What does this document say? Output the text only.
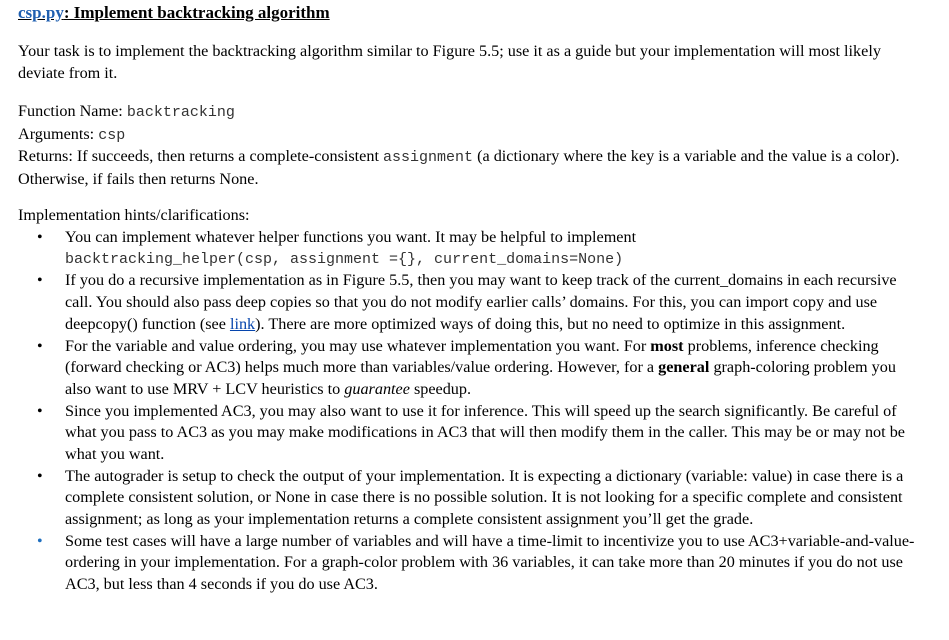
csp.py: Implement backtracking algorithm
Your task is to implement the backtracking algorithm similar to Figure 5.5; use it as a guide but your implementation will most likely deviate from it.
Function Name: backtracking
Arguments: csp
Returns: If succeeds, then returns a complete-consistent assignment (a dictionary where the key is a variable and the value is a color). Otherwise, if fails then returns None.
Implementation hints/clarifications:
• You can implement whatever helper functions you want. It may be helpful to implement
backtracking_helper(csp, assignment ={}, current_domains=None)
• If you do a recursive implementation as in Figure 5.5, then you may want to keep track of the current_domains in each recursive call. You should also pass deep copies so that you do not modify earlier calls’ domains. For this, you can import copy and use deepcopy() function (see link). There are more optimized ways of doing this, but no need to optimize in this assignment.
• For the variable and value ordering, you may use whatever implementation you want. For most problems, inference checking (forward checking or AC3) helps much more than variables/value ordering. However, for a general graph-coloring problem you also want to use MRV + LCV heuristics to guarantee speedup.
• Since you implemented AC3, you may also want to use it for inference. This will speed up the search significantly. Be careful of what you pass to AC3 as you may make modifications in AC3 that will then modify them in the caller. This may be or may not be what you want.
• The autograder is setup to check the output of your implementation. It is expecting a dictionary (variable: value) in case there is a complete consistent solution, or None in case there is no possible solution. It is not looking for a specific complete and consistent assignment; as long as your implementation returns a complete consistent assignment you’ll get the grade.
• Some test cases will have a large number of variables and will have a time-limit to incentivize you to use AC3+variable-and-value-ordering in your implementation. For a graph-color problem with 36 variables, it can take more than 20 minutes if you do not use AC3, but less than 4 seconds if you do use AC3.
